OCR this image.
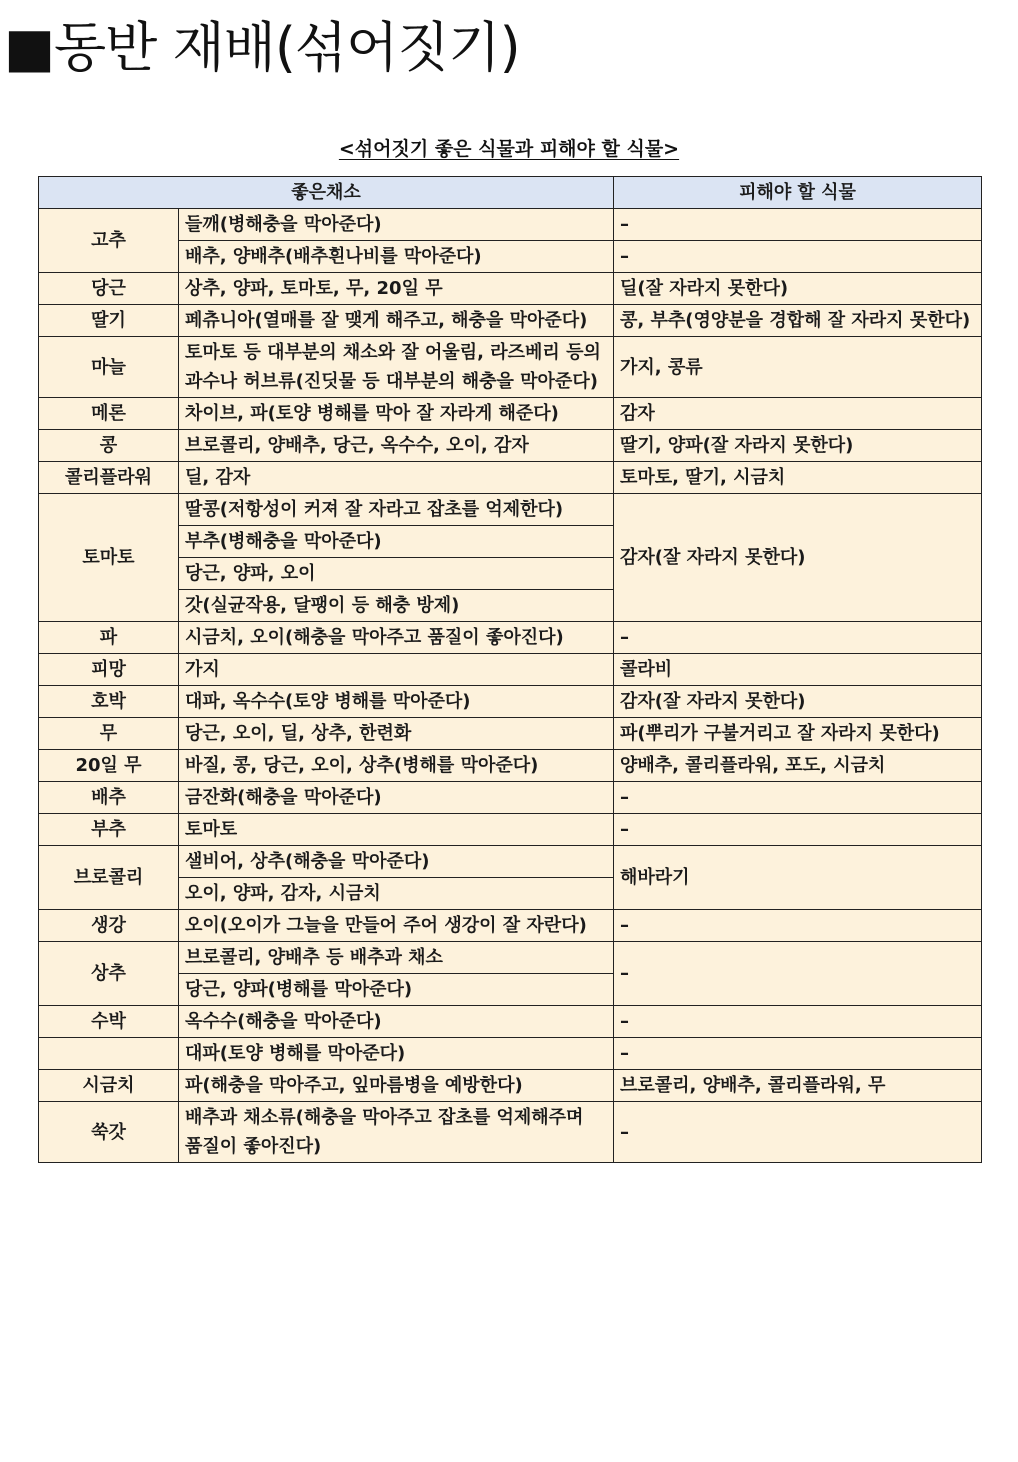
■동반 재배(섞어짓기)
<섞어짓기 좋은 식물과 피해야 할 식물>
좋은채소		피해야 할 식물
고추	들깨(병해충을 막아준다)	–
	배추, 양배추(배추흰나비를 막아준다)	–
당근	상추, 양파, 토마토, 무, 20일 무	딜(잘 자라지 못한다)
딸기	페츄니아(열매를 잘 맺게 해주고, 해충을 막아준다)	콩, 부추(영양분을 경합해 잘 자라지 못한다)
마늘	토마토 등 대부분의 채소와 잘 어울림, 라즈베리 등의 과수나 허브류(진딧물 등 대부분의 해충을 막아준다)	가지, 콩류
메론	차이브, 파(토양 병해를 막아 잘 자라게 해준다)	감자
콩	브로콜리, 양배추, 당근, 옥수수, 오이, 감자	딸기, 양파(잘 자라지 못한다)
콜리플라워	딜, 감자	토마토, 딸기, 시금치
토마토	딸콩(저항성이 커져 잘 자라고 잡초를 억제한다)	감자(잘 자라지 못한다)
	부추(병해충을 막아준다)	
	당근, 양파, 오이	
	갓(실균작용, 달팽이 등 해충 방제)	
파	시금치, 오이(해충을 막아주고 품질이 좋아진다)	–
피망	가지	콜라비
호박	대파, 옥수수(토양 병해를 막아준다)	감자(잘 자라지 못한다)
무	당근, 오이, 딜, 상추, 한련화	파(뿌리가 구불거리고 잘 자라지 못한다)
20일 무	바질, 콩, 당근, 오이, 상추(병해를 막아준다)	양배추, 콜리플라워, 포도, 시금치
배추	금잔화(해충을 막아준다)	–
부추	토마토	–
브로콜리	샐비어, 상추(해충을 막아준다)	해바라기
	오이, 양파, 감자, 시금치	
생강	오이(오이가 그늘을 만들어 주어 생강이 잘 자란다)	–
상추	브로콜리, 양배추 등 배추과 채소	–
	당근, 양파(병해를 막아준다)	
수박	옥수수(해충을 막아준다)	–
	대파(토양 병해를 막아준다)	–
시금치	파(해충을 막아주고, 잎마름병을 예방한다)	브로콜리, 양배추, 콜리플라워, 무
쑥갓	배추과 채소류(해충을 막아주고 잡초를 억제해주며 품질이 좋아진다)	–
